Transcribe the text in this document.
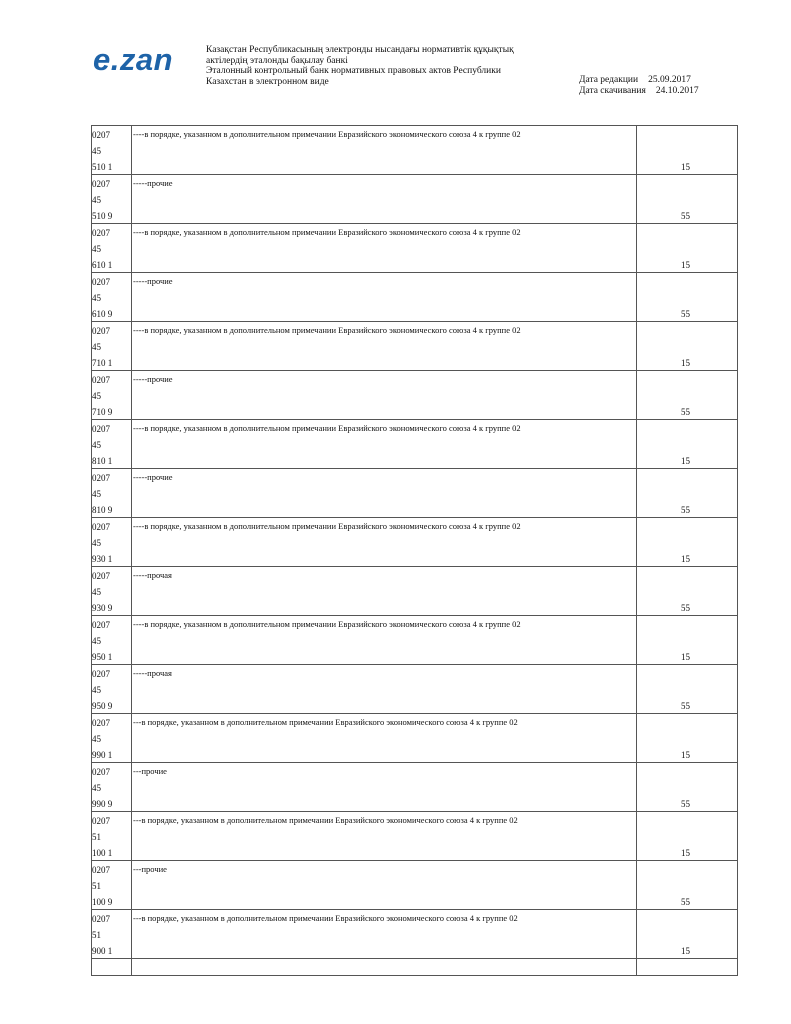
e.zan	Казақстан Республикасының электронды нысандағы нормативтік құқықтық
актілердің эталонды бақылау банкі
Эталонный контрольный банк нормативных правовых актов Республики
Казахстан в электронном виде	Дата редакции 25.09.2017
Дата скачивания 24.10.2017
0207
45
510 1
----в порядке, указанном в дополнительном примечании Евразийского экономического союза 4 к группе 02
15
0207
45
510 9
-----прочие
55
0207
45
610 1
----в порядке, указанном в дополнительном примечании Евразийского экономического союза 4 к группе 02
15
0207
45
610 9
-----прочие
55
0207
45
710 1
----в порядке, указанном в дополнительном примечании Евразийского экономического союза 4 к группе 02
15
0207
45
710 9
-----прочие
55
0207
45
810 1
----в порядке, указанном в дополнительном примечании Евразийского экономического союза 4 к группе 02
15
0207
45
810 9
-----прочие
55
0207
45
930 1
----в порядке, указанном в дополнительном примечании Евразийского экономического союза 4 к группе 02
15
0207
45
930 9
-----прочая
55
0207
45
950 1
----в порядке, указанном в дополнительном примечании Евразийского экономического союза 4 к группе 02
15
0207
45
950 9
-----прочая
55
0207
45
990 1
---в порядке, указанном в дополнительном примечании Евразийского экономического союза 4 к группе 02
15
0207
45
990 9
---прочие
55
0207
51
100 1
---в порядке, указанном в дополнительном примечании Евразийского экономического союза 4 к группе 02
15
0207
51
100 9
---прочие
55
0207
51
900 1
---в порядке, указанном в дополнительном примечании Евразийского экономического союза 4 к группе 02
15
